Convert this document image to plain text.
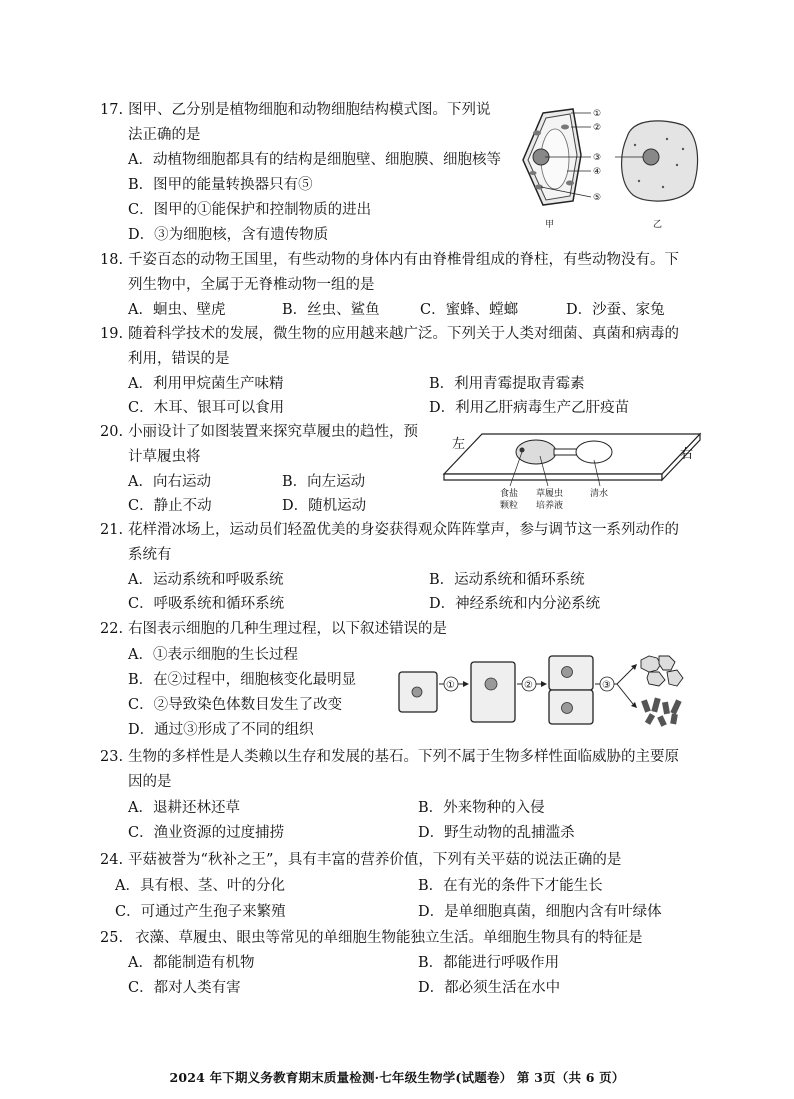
17. 图甲、乙分别是植物细胞和动物细胞结构模式图。下列说
法正确的是
A．动植物细胞都具有的结构是细胞壁、细胞膜、细胞核等
B．图甲的能量转换器只有⑤
C．图甲的①能保护和控制物质的进出
D．③为细胞核，含有遗传物质
①
②
③
④
⑤
甲	乙
18. 千姿百态的动物王国里，有些动物的身体内有由脊椎骨组成的脊柱，有些动物没有。下
列生物中，全属于无脊椎动物一组的是
A．蛔虫、壁虎	B．丝虫、鲨鱼	C．蜜蜂、螳螂	D．沙蚕、家兔
19. 随着科学技术的发展，微生物的应用越来越广泛。下列关于人类对细菌、真菌和病毒的
利用，错误的是
A．利用甲烷菌生产味精	B．利用青霉提取青霉素
C．木耳、银耳可以食用	D．利用乙肝病毒生产乙肝疫苗
20. 小丽设计了如图装置来探究草履虫的趋性，预
计草履虫将
A．向右运动	B．向左运动
C．静止不动	D．随机运动
左
右
食盐
颗粒
草履虫
培养液
清水
21. 花样滑冰场上，运动员们轻盈优美的身姿获得观众阵阵掌声，参与调节这一系列动作的
系统有
A．运动系统和呼吸系统	B．运动系统和循环系统
C．呼吸系统和循环系统	D．神经系统和内分泌系统
22. 右图表示细胞的几种生理过程，以下叙述错误的是
A．①表示细胞的生长过程
B．在②过程中，细胞核变化最明显
C．②导致染色体数目发生了改变
D．通过③形成了不同的组织
①	②	③
23. 生物的多样性是人类赖以生存和发展的基石。下列不属于生物多样性面临威胁的主要原
因的是
A．退耕还林还草	B．外来物种的入侵
C．渔业资源的过度捕捞	D．野生动物的乱捕滥杀
24. 平菇被誉为“秋补之王”，具有丰富的营养价值，下列有关平菇的说法正确的是
A．具有根、茎、叶的分化	B．在有光的条件下才能生长
C．可通过产生孢子来繁殖	D．是单细胞真菌，细胞内含有叶绿体
25. 衣藻、草履虫、眼虫等常见的单细胞生物能独立生活。单细胞生物具有的特征是
A．都能制造有机物	B．都能进行呼吸作用
C．都对人类有害	D．都必须生活在水中
2024 年下期义务教育期末质量检测·七年级生物学(试题卷） 第 3页（共 6 页）
